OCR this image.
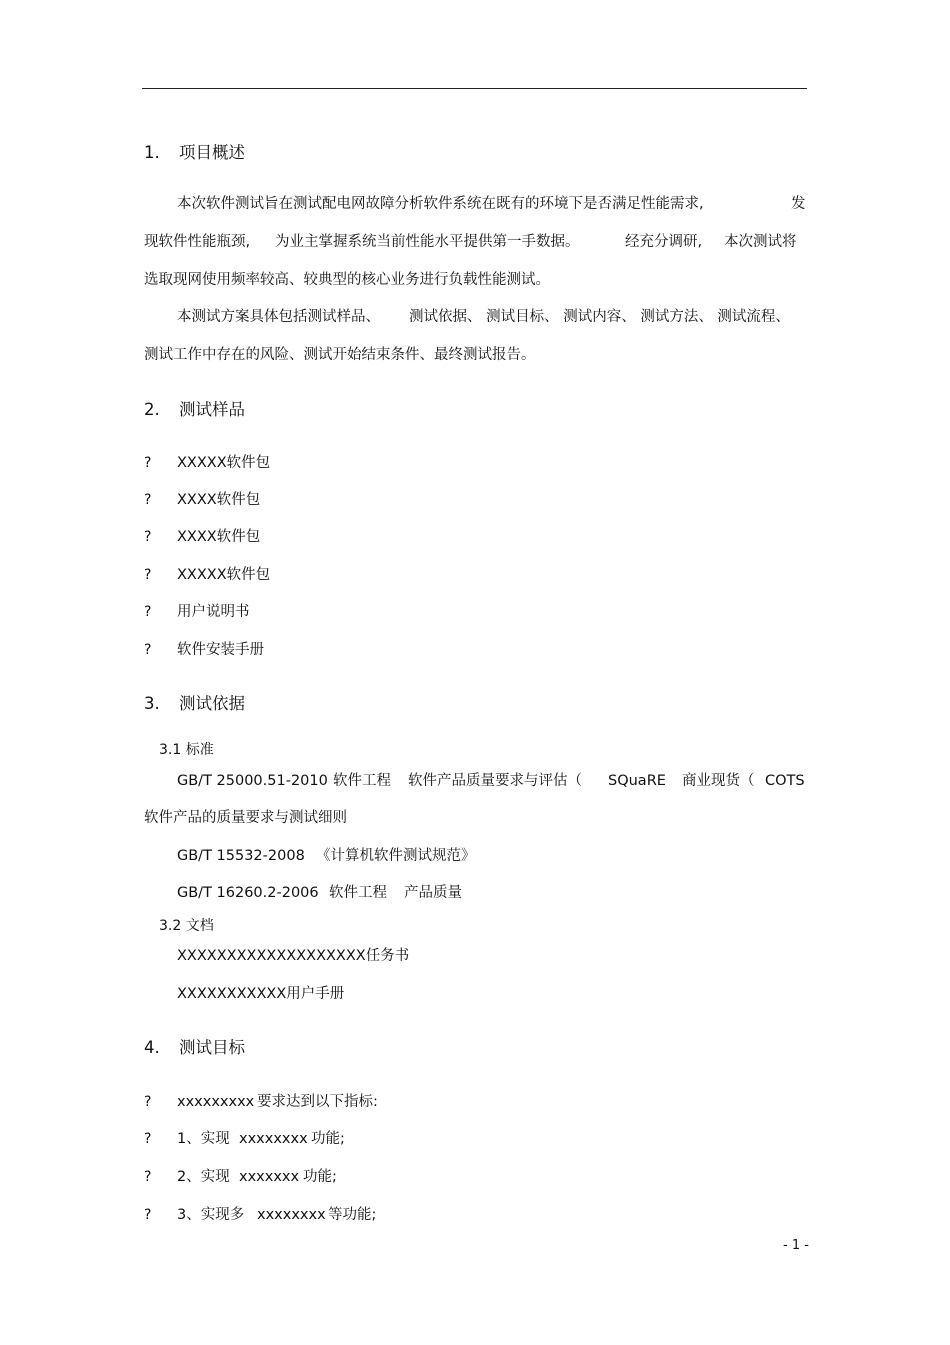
1. 项目概述
本次软件测试旨在测试配电网故障分析软件系统在既有的环境下是否满足性能需求,	发
现软件性能瓶颈, 为业主掌握系统当前性能水平提供第一手数据。	经充分调研, 本次测试将
选取现网使用频率较高、较典型的核心业务进行负载性能测试。
本测试方案具体包括测试样品、 测试依据、 测试目标、 测试内容、 测试方法、 测试流程、
测试工作中存在的风险、测试开始结束条件、最终测试报告。
2. 测试样品
? XXXXX软件包
? XXXX软件包
? XXXX软件包
? XXXXX软件包
? 用户说明书
? 软件安装手册
3. 测试依据
3.1 标准
GB/T 25000.51-2010 软件工程 软件产品质量要求与评估（ SQuaRE 商业现货（ COTS
软件产品的质量要求与测试细则
GB/T 15532-2008 《计算机软件测试规范》
GB/T 16260.2-2006 软件工程 产品质量
3.2 文档
XXXXXXXXXXXXXXXXXXX任务书
XXXXXXXXXXX用户手册
4. 测试目标
? xxxxxxxxx 要求达到以下指标:
? 1、实现 xxxxxxxx 功能;
? 2、实现 xxxxxxx 功能;
? 3、实现多 xxxxxxxx 等功能;
- 1 -
